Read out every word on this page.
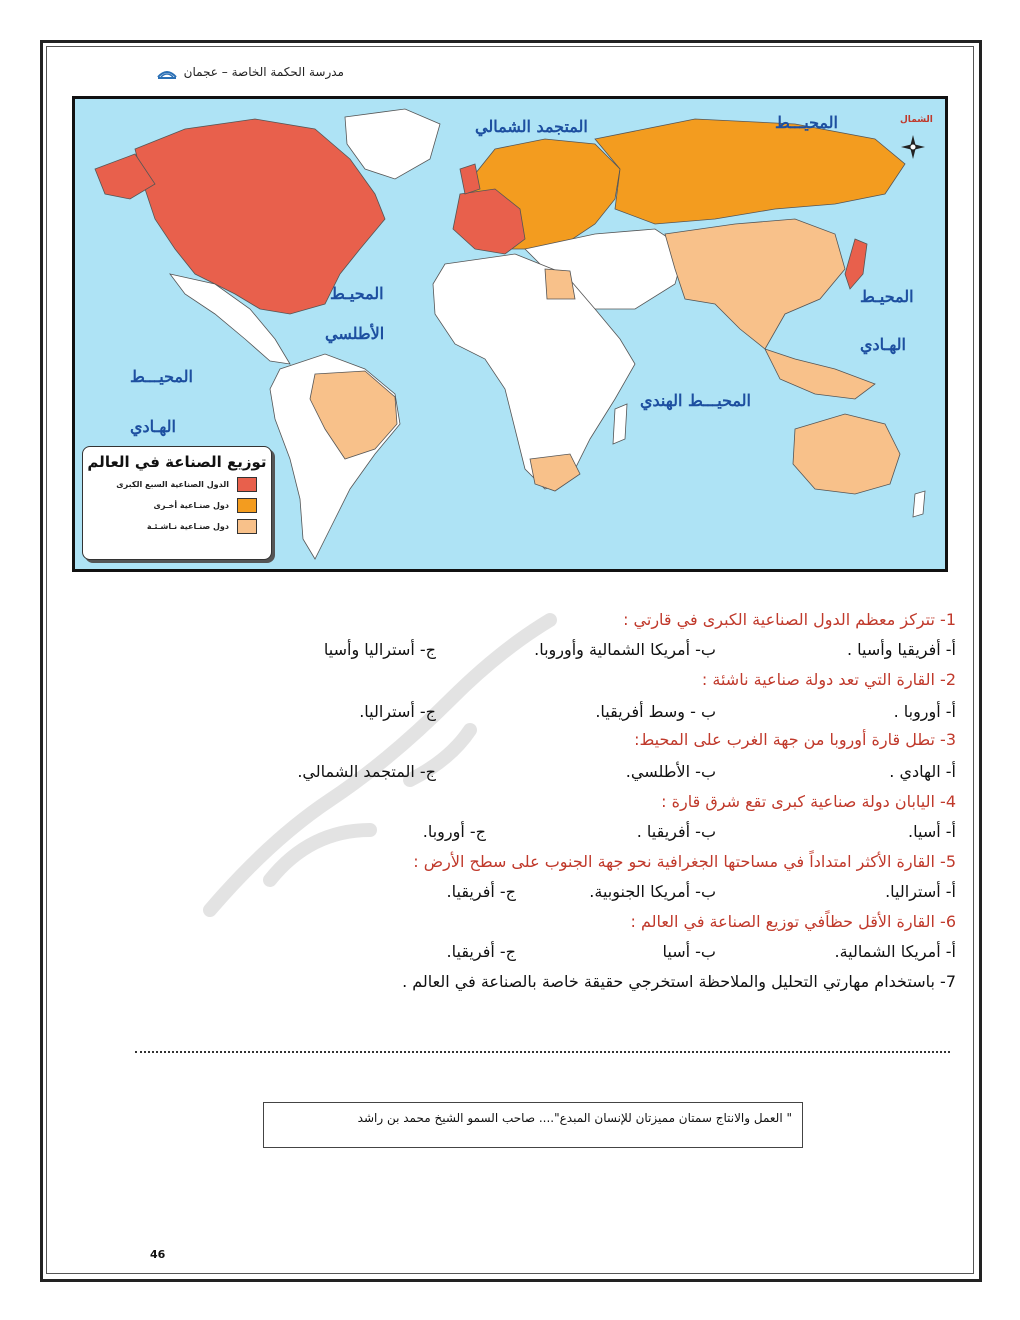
مدرسة الحكمة الخاصة – عجمان
الشمال
المتجمد الشمالي	المحيـــط
المحيـط
الأطلسي
المحيـــط
الهـادي
المحيـط
الهـادي
المحيـــط الهندي
توزيع الصناعة في العالم
الدول الصناعية السبع الكبرى
دول صنـاعية أخـرى
دول صنـاعية نـاشـئـة
1- تتركز معظم الدول الصناعية الكبرى في قارتي :
أ- أفريقيا وأسيا .
ب- أمريكا الشمالية وأوروبا.
ج- أستراليا وأسيا
2- القارة التي تعد دولة صناعية ناشئة :
أ- أوروبا .
ب - وسط أفريقيا.
ج- أستراليا.
3- تطل قارة أوروبا من جهة الغرب على المحيط:
أ- الهادي .
ب- الأطلسي.
ج- المتجمد الشمالي.
4- اليابان دولة صناعية كبرى تقع شرق قارة :
أ- أسيا.
ب- أفريقيا .
ج- أوروبا.
5- القارة الأكثر امتداداً في مساحتها الجغرافية نحو جهة الجنوب على سطح الأرض :
أ- أستراليا.
ب- أمريكا الجنوبية.
ج- أفريقيا.
6- القارة الأقل حظاًفي توزيع الصناعة في العالم :
أ- أمريكا الشمالية.
ب- أسيا
ج- أفريقيا.
7- باستخدام مهارتي التحليل والملاحظة استخرجي حقيقة خاصة بالصناعة في العالم .
" العمل والانتاج سمتان مميزتان للإنسان المبدع".... صاحب السمو الشيخ محمد بن راشد
46
